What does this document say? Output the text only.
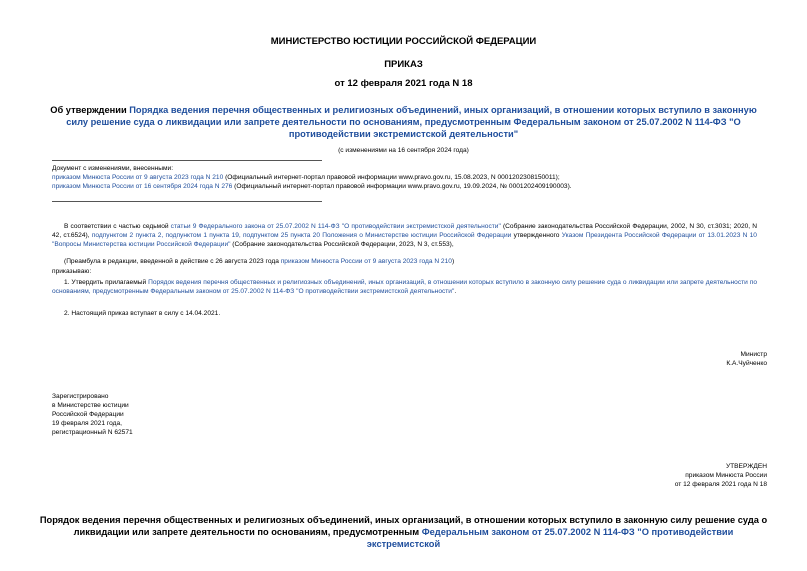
МИНИСТЕРСТВО ЮСТИЦИИ РОССИЙСКОЙ ФЕДЕРАЦИИ
ПРИКАЗ
от 12 февраля 2021 года N 18
Об утверждении Порядка ведения перечня общественных и религиозных объединений, иных организаций, в отношении которых вступило в законную силу решение суда о ликвидации или запрете деятельности по основаниям, предусмотренным Федеральным законом от 25.07.2002 N 114-ФЗ "О противодействии экстремистской деятельности"
(с изменениями на 16 сентября 2024 года)
Документ с изменениями, внесенными:
приказом Минюста России от 9 августа 2023 года N 210 (Официальный интернет-портал правовой информации www.pravo.gov.ru, 15.08.2023, N 0001202308150011);
приказом Минюста России от 16 сентября 2024 года N 276 (Официальный интернет-портал правовой информации www.pravo.gov.ru, 19.09.2024, № 0001202409190003).
В соответствии с частью седьмой статьи 9 Федерального закона от 25.07.2002 N 114-ФЗ "О противодействии экстремистской деятельности" (Собрание законодательства Российской Федерации, 2002, N 30, ст.3031; 2020, N 42, ст.6524), подпунктом 2 пункта 2, подпунктом 1 пункта 19, подпунктом 25 пункта 20 Положения о Министерстве юстиции Российской Федерации утвержденного Указом Президента Российской Федерации от 13.01.2023 N 10 "Вопросы Министерства юстиции Российской Федерации" (Собрание законодательства Российской Федерации, 2023, N 3, ст.553),
(Преамбула в редакции, введенной в действие с 26 августа 2023 года приказом Минюста России от 9 августа 2023 года N 210)
приказываю:
1. Утвердить прилагаемый Порядок ведения перечня общественных и религиозных объединений, иных организаций, в отношении которых вступило в законную силу решение суда о ликвидации или запрете деятельности по основаниям, предусмотренным Федеральным законом от 25.07.2002 N 114-ФЗ "О противодействии экстремистской деятельности".
2. Настоящий приказ вступает в силу с 14.04.2021.
Министр
К.А.Чуйченко
Зарегистрировано
в Министерстве юстиции
Российской Федерации
19 февраля 2021 года,
регистрационный N 62571
УТВЕРЖДЕН
приказом Минюста России
от 12 февраля 2021 года N 18
Порядок ведения перечня общественных и религиозных объединений, иных организаций, в отношении которых вступило в законную силу решение суда о ликвидации или запрете деятельности по основаниям, предусмотренным Федеральным законом от 25.07.2002 N 114-ФЗ "О противодействии экстремистской
